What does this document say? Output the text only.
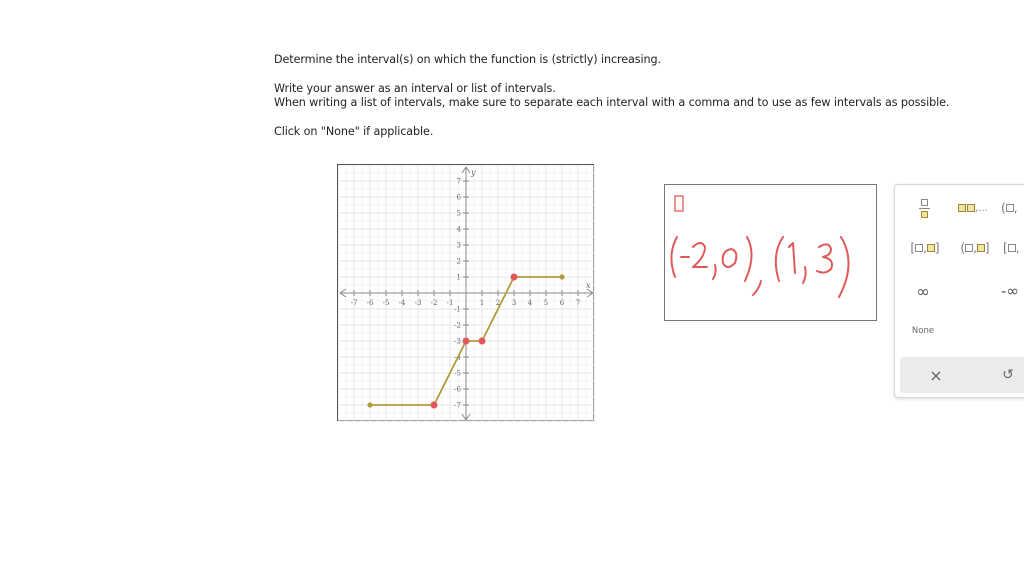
Determine the interval(s) on which the function is (strictly) increasing.
Write your answer as an interval or list of intervals.
When writing a list of intervals, make sure to separate each interval with a comma and to use as few intervals as possible.
Click on "None" if applicable.
-7 -6 -5 -4 -3 -2 -1	1 2 3 4 5 6 7
-7
-6
-5
-4
-3
-2
-1
1
2
3
4
5
6
7
x
y
,... ( ,
[ , ] ( , ] [ ,
∞	-∞
None
×	↺
